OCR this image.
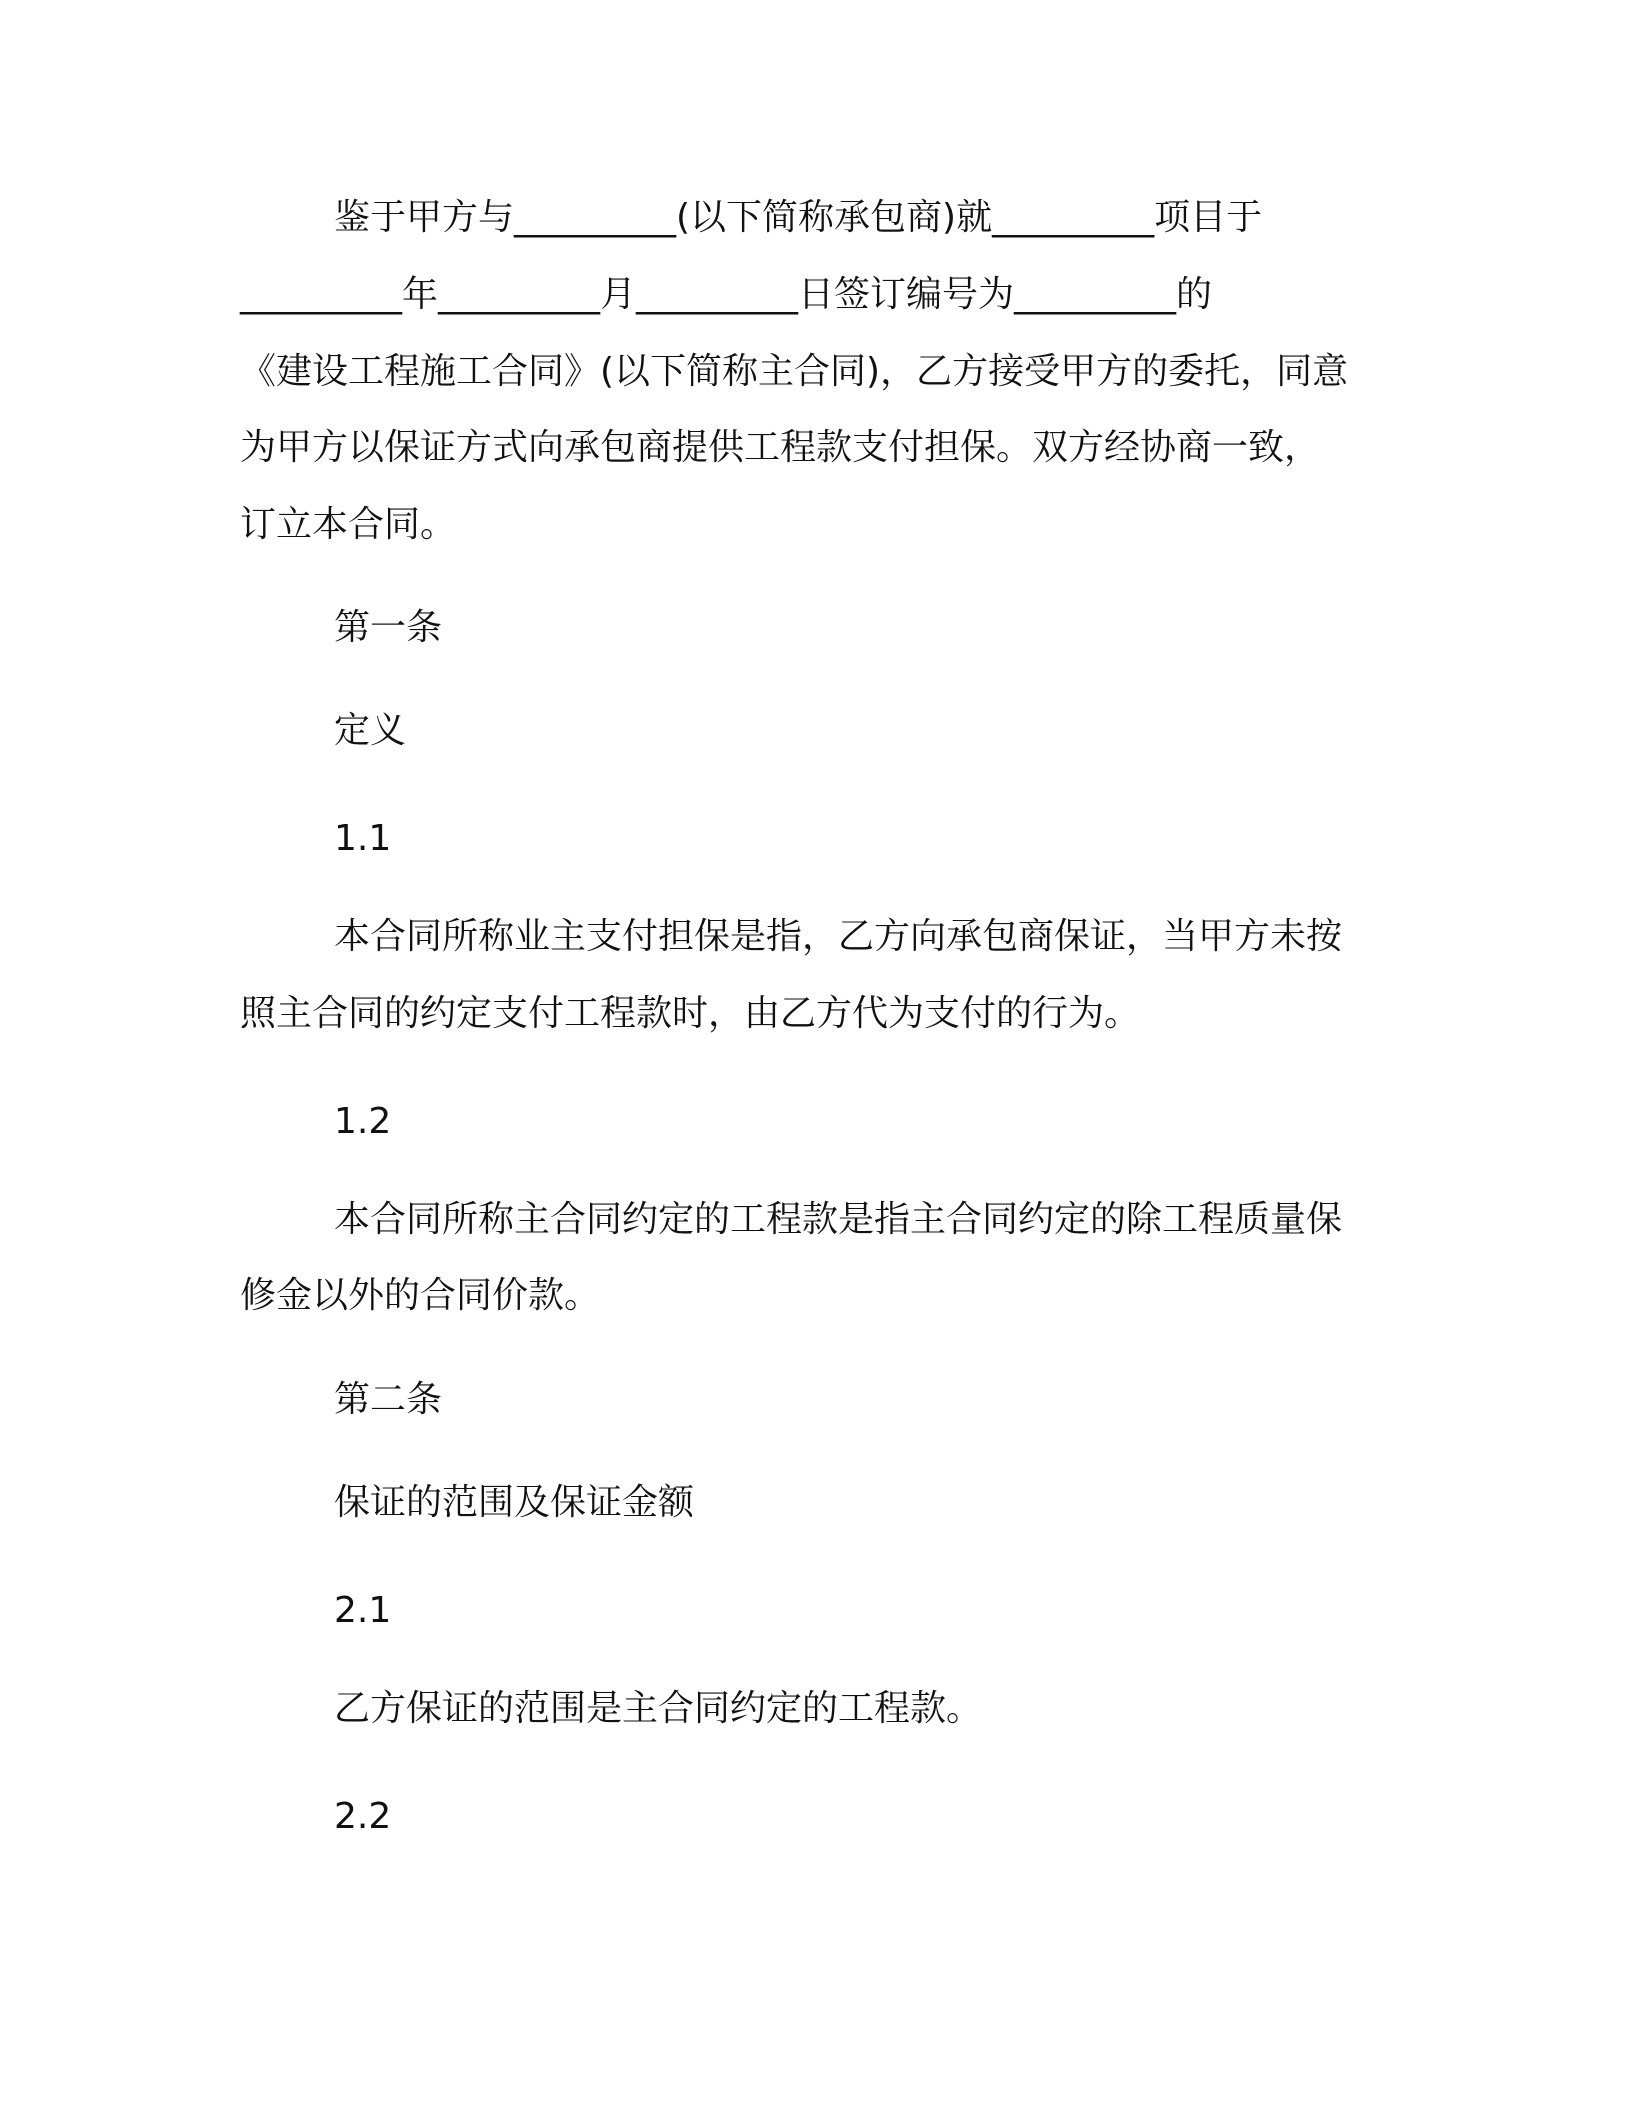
鉴于甲方与_________(以下简称承包商)就_________项目于
_________年_________月_________日签订编号为_________的
《建设工程施工合同》(以下简称主合同)，乙方接受甲方的委托，同意
为甲方以保证方式向承包商提供工程款支付担保。双方经协商一致，
订立本合同。
第一条
定义
1.1
本合同所称业主支付担保是指，乙方向承包商保证，当甲方未按
照主合同的约定支付工程款时，由乙方代为支付的行为。
1.2
本合同所称主合同约定的工程款是指主合同约定的除工程质量保
修金以外的合同价款。
第二条
保证的范围及保证金额
2.1
乙方保证的范围是主合同约定的工程款。
2.2
